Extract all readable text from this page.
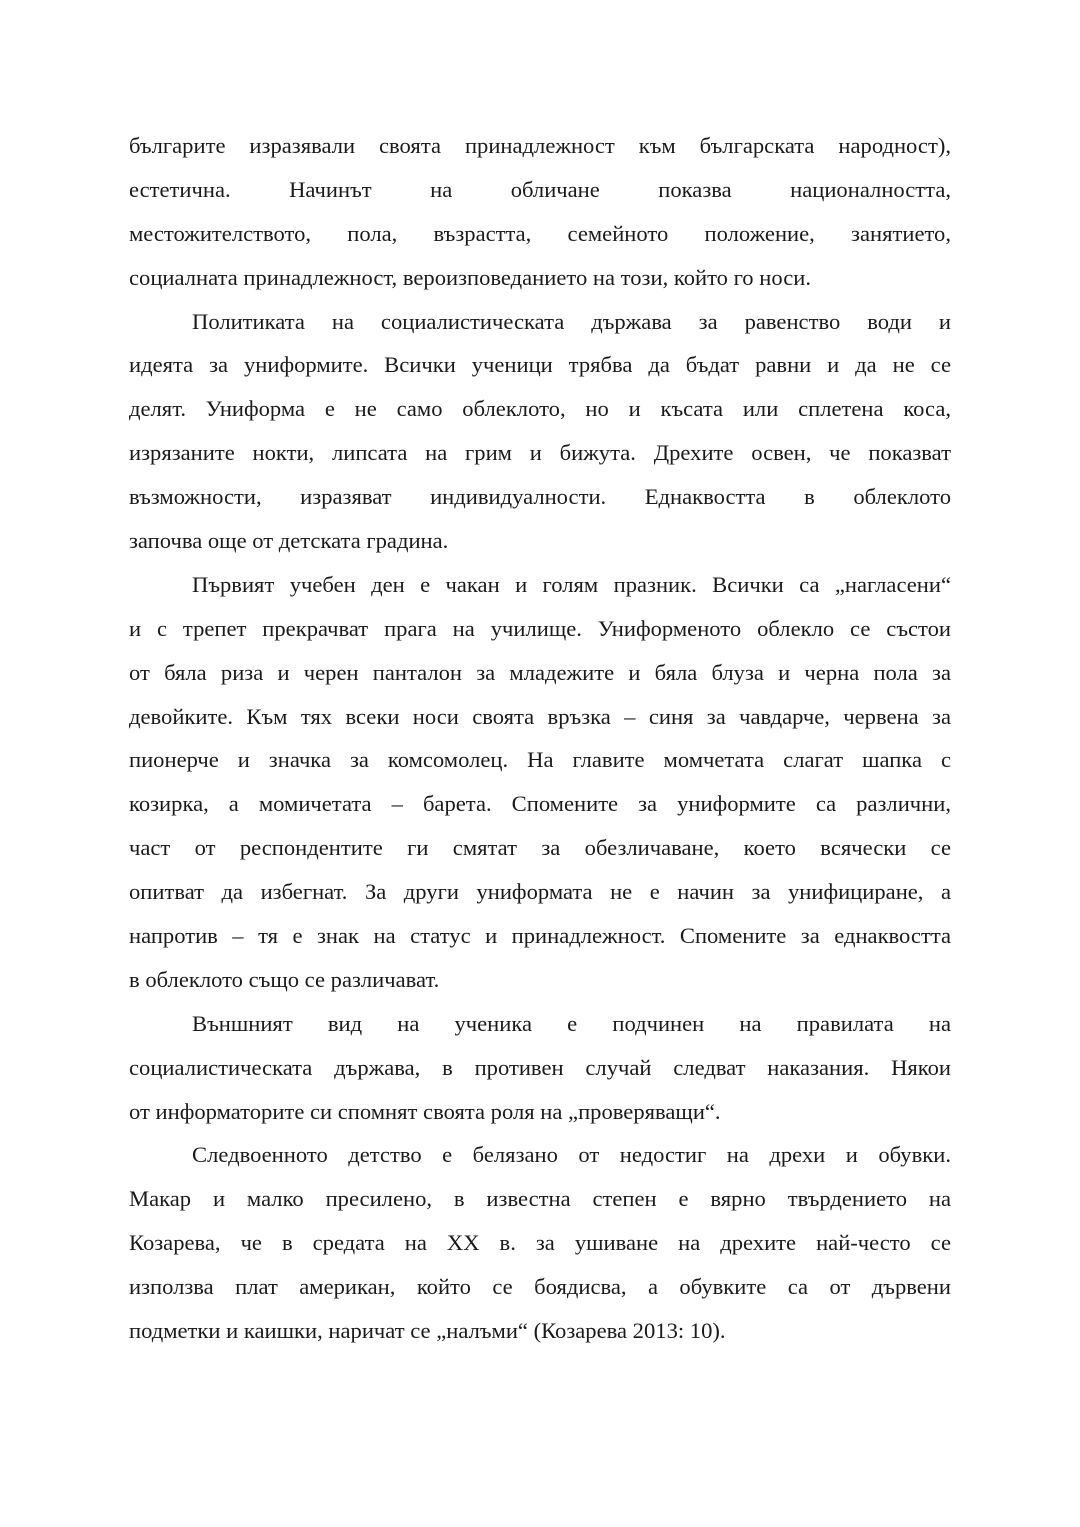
българите изразявали своята принадлежност към българската народност),
естетична. Начинът на обличане показва националността,
местожителството, пола, възрастта, семейното положение, занятието,
социалната принадлежност, вероизповеданието на този, който го носи.
Политиката на социалистическата държава за равенство води и
идеята за униформите. Всички ученици трябва да бъдат равни и да не се
делят. Униформа е не само облеклото, но и късата или сплетена коса,
изрязаните нокти, липсата на грим и бижута. Дрехите освен, че показват
възможности, изразяват индивидуалности. Еднаквостта в облеклото
започва още от детската градина.
Първият учебен ден е чакан и голям празник. Всички са „нагласени“
и с трепет прекрачват прага на училище. Униформеното облекло се състои
от бяла риза и черен панталон за младежите и бяла блуза и черна пола за
девойките. Към тях всеки носи своята връзка – синя за чавдарче, червена за
пионерче и значка за комсомолец. На главите момчетата слагат шапка с
козирка, а момичетата – барета. Спомените за униформите са различни,
част от респондентите ги смятат за обезличаване, което всячески се
опитват да избегнат. За други униформата не е начин за унифициране, а
напротив – тя е знак на статус и принадлежност. Спомените за еднаквостта
в облеклото също се различават.
Външният вид на ученика е подчинен на правилата на
социалистическата държава, в противен случай следват наказания. Някои
от информаторите си спомнят своята роля на „проверяващи“.
Следвоенното детство е белязано от недостиг на дрехи и обувки.
Макар и малко пресилено, в известна степен е вярно твърдението на
Козарева, че в средата на XX в. за ушиване на дрехите най-често се
използва плат американ, който се боядисва, а обувките са от дървени
подметки и каишки, наричат се „налъми“ (Козарева 2013: 10).
